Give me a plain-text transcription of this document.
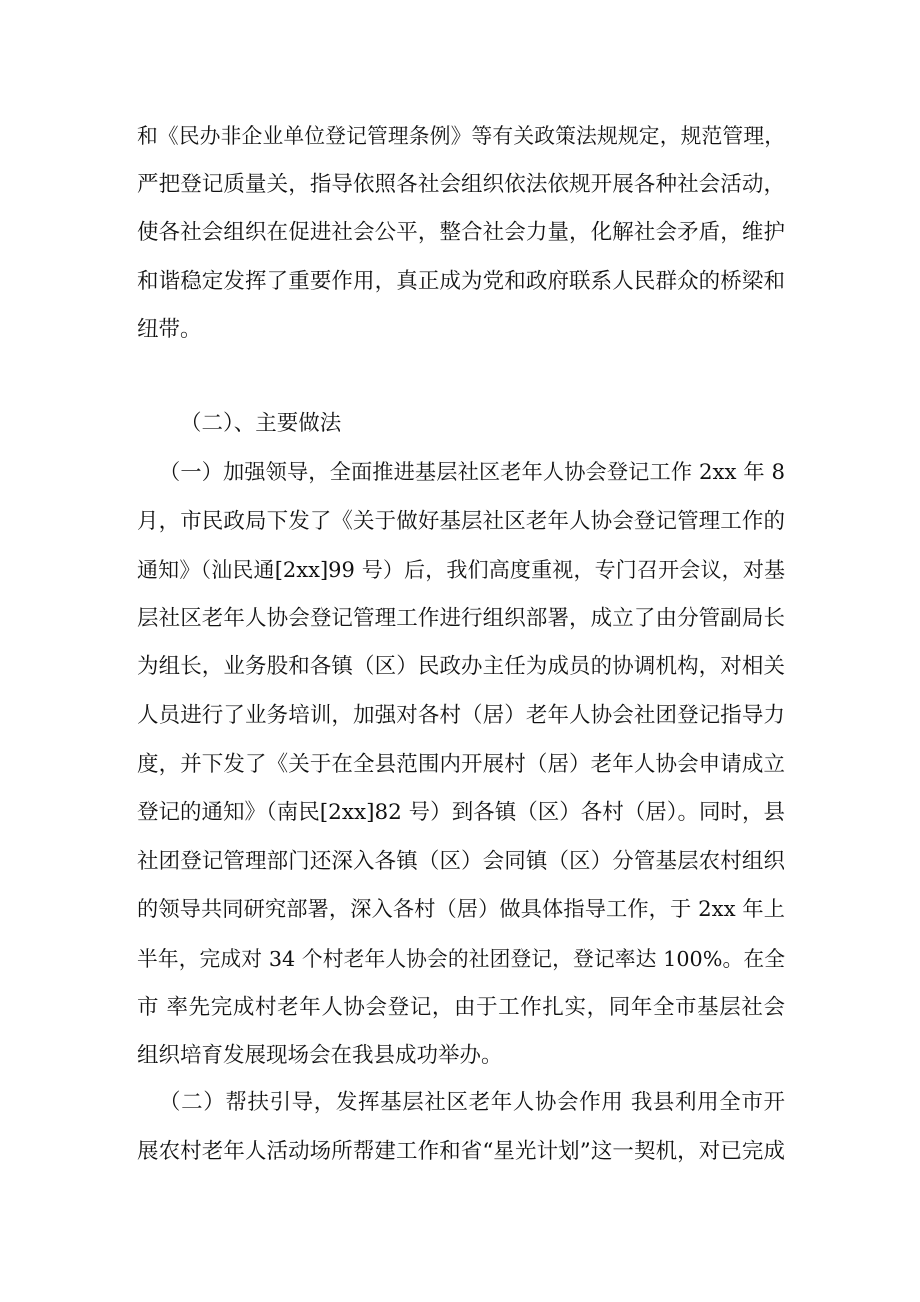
和《民办非企业单位登记管理条例》等有关政策法规规定，规范管理，
严把登记质量关，指导依照各社会组织依法依规开展各种社会活动，
使各社会组织在促进社会公平，整合社会力量，化解社会矛盾，维护
和谐稳定发挥了重要作用，真正成为党和政府联系人民群众的桥梁和
纽带。
（二）、主要做法
（一）加强领导，全面推进基层社区老年人协会登记工作 2xx 年 8
月，市民政局下发了《关于做好基层社区老年人协会登记管理工作的
通知》（汕民通[2xx]99 号）后，我们高度重视，专门召开会议，对基
层社区老年人协会登记管理工作进行组织部署，成立了由分管副局长
为组长，业务股和各镇（区）民政办主任为成员的协调机构，对相关
人员进行了业务培训，加强对各村（居）老年人协会社团登记指导力
度，并下发了《关于在全县范围内开展村（居）老年人协会申请成立
登记的通知》（南民[2xx]82 号）到各镇（区）各村（居）。同时，县
社团登记管理部门还深入各镇（区）会同镇（区）分管基层农村组织
的领导共同研究部署，深入各村（居）做具体指导工作，于 2xx 年上
半年，完成对 34 个村老年人协会的社团登记，登记率达 100%。在全
市 率先完成村老年人协会登记，由于工作扎实，同年全市基层社会
组织培育发展现场会在我县成功举办。
（二）帮扶引导，发挥基层社区老年人协会作用 我县利用全市开
展农村老年人活动场所帮建工作和省“星光计划”这一契机，对已完成
